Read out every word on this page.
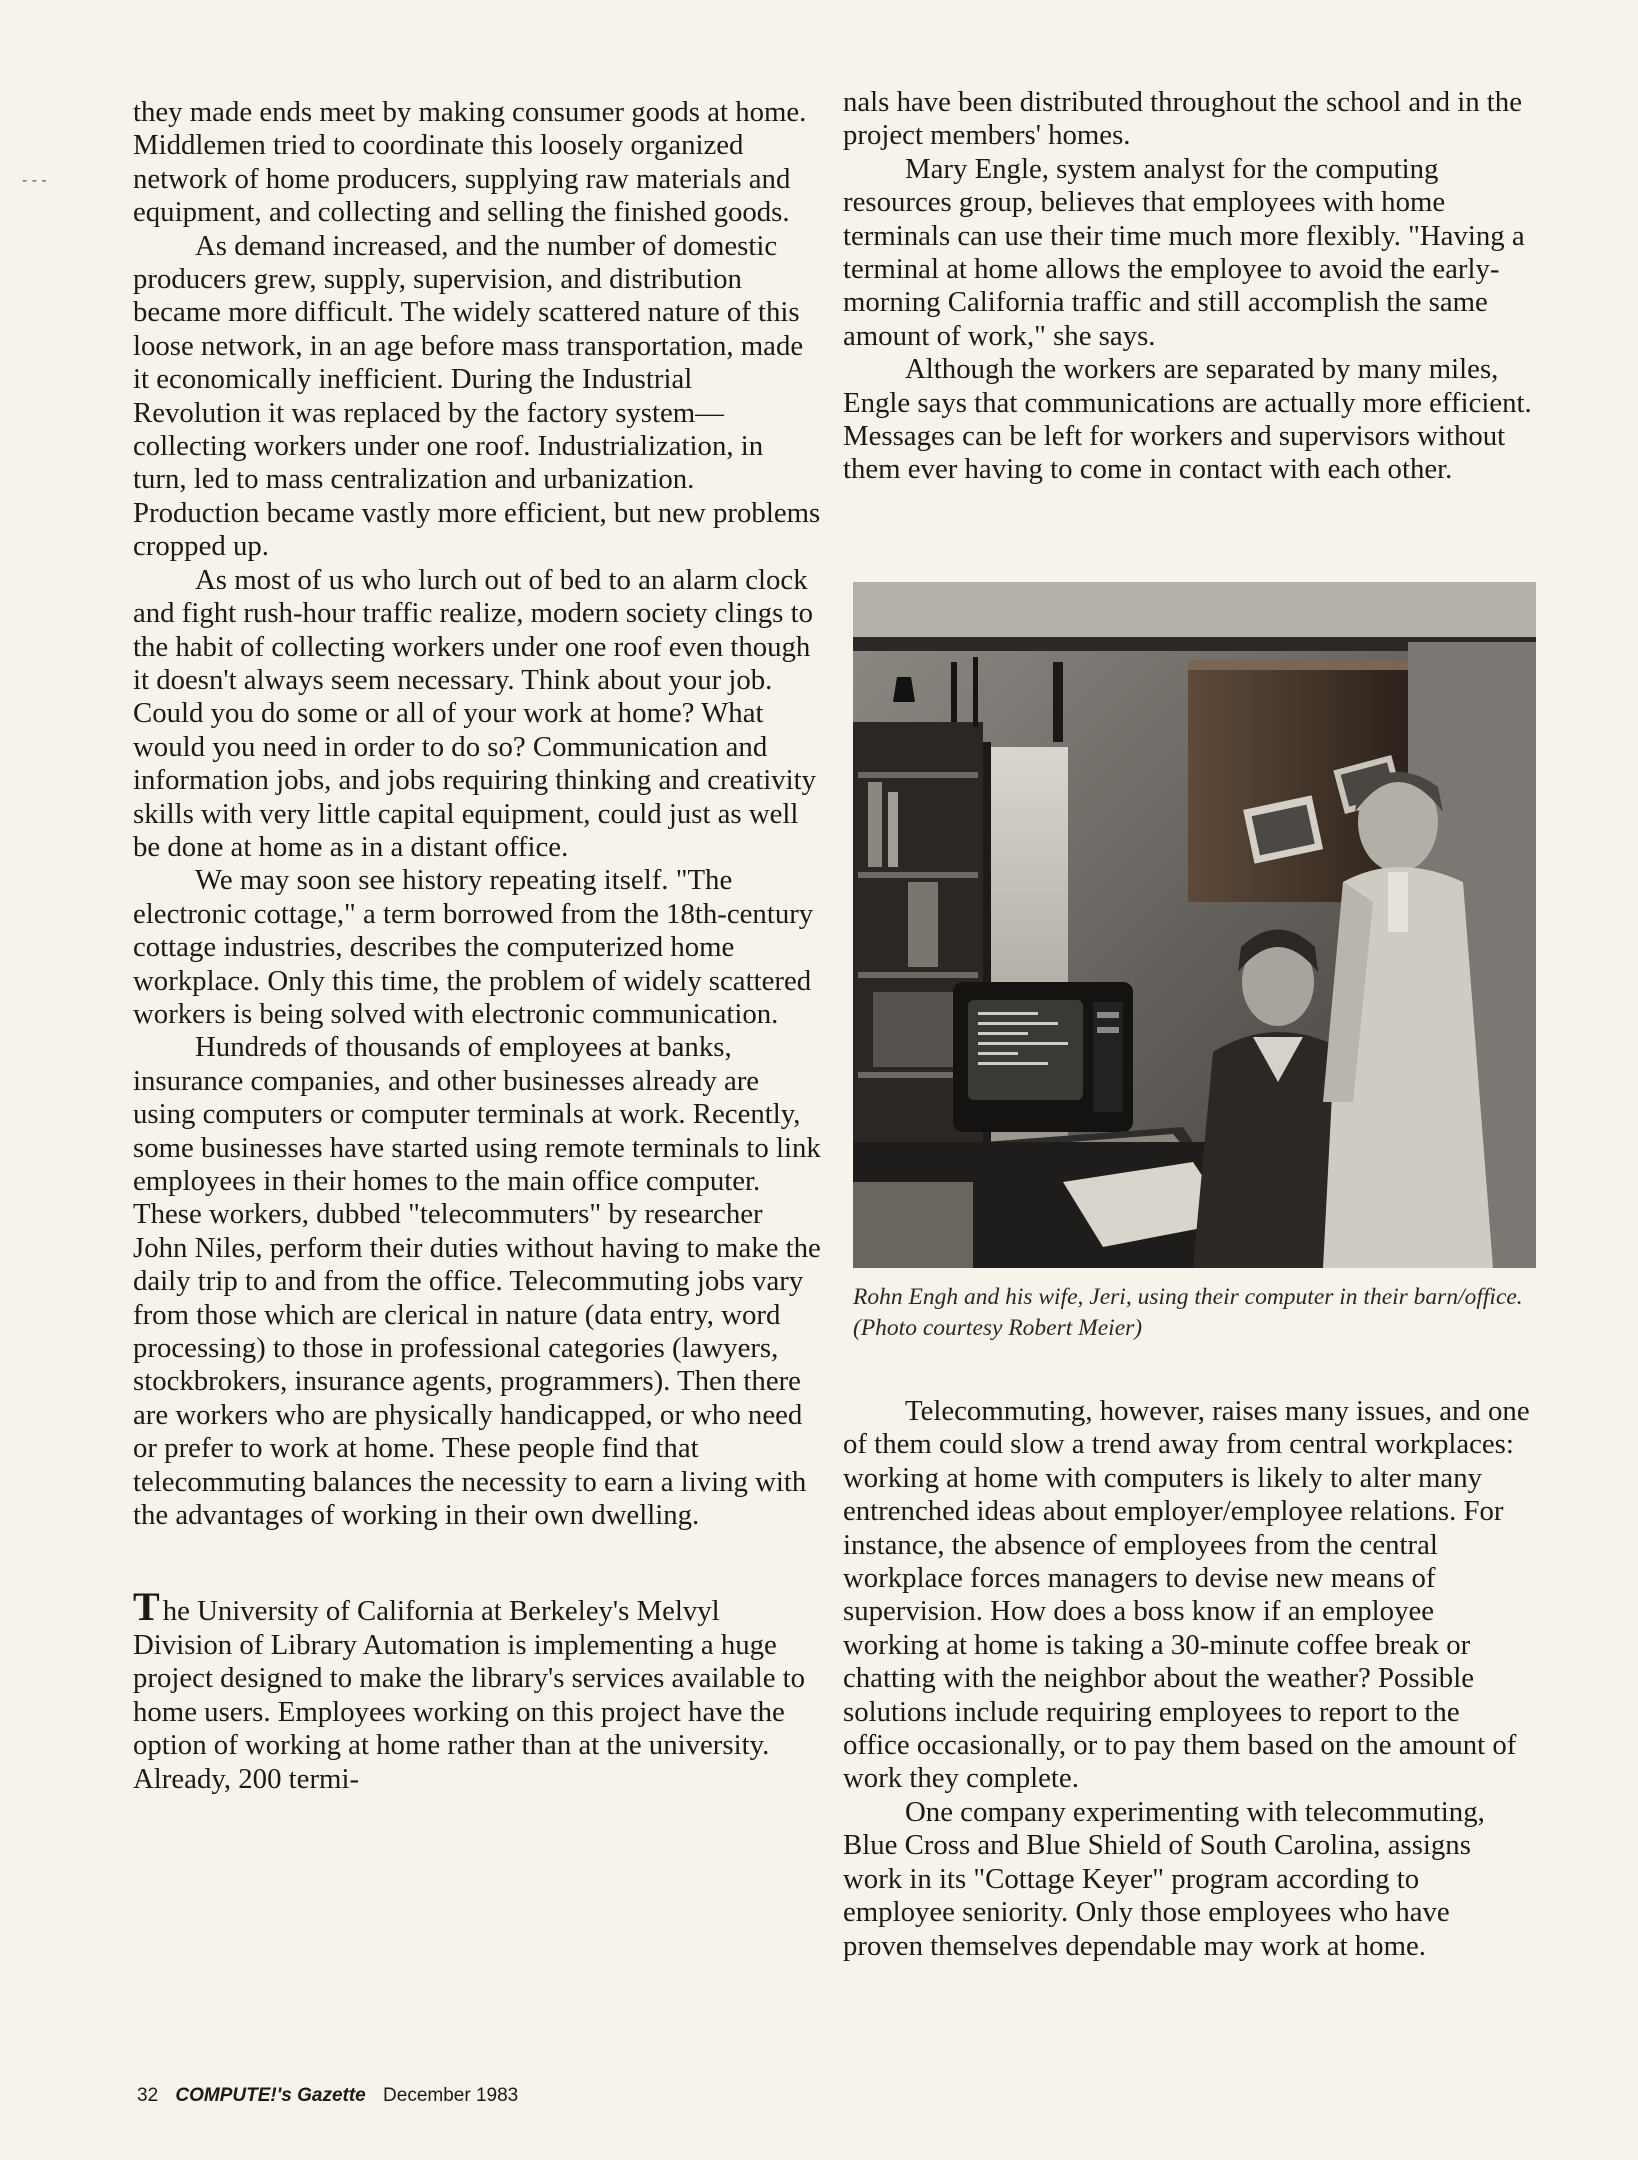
- - -

they made ends meet by making consumer goods at home. Middlemen tried to coordinate this loosely organized network of home producers, supplying raw materials and equipment, and collecting and selling the finished goods.

As demand increased, and the number of domestic producers grew, supply, supervision, and distribution became more difficult. The widely scattered nature of this loose network, in an age before mass transportation, made it economically inefficient. During the Industrial Revolution it was replaced by the factory system—collecting workers under one roof. Industrialization, in turn, led to mass centralization and urbanization. Production became vastly more efficient, but new problems cropped up.

As most of us who lurch out of bed to an alarm clock and fight rush-hour traffic realize, modern society clings to the habit of collecting workers under one roof even though it doesn't always seem necessary. Think about your job. Could you do some or all of your work at home? What would you need in order to do so? Communication and information jobs, and jobs requiring thinking and creativity skills with very little capital equipment, could just as well be done at home as in a distant office.

We may soon see history repeating itself. "The electronic cottage," a term borrowed from the 18th-century cottage industries, describes the computerized home workplace. Only this time, the problem of widely scattered workers is being solved with electronic communication.

Hundreds of thousands of employees at banks, insurance companies, and other businesses already are using computers or computer terminals at work. Recently, some businesses have started using remote terminals to link employees in their homes to the main office computer. These workers, dubbed "telecommuters" by researcher John Niles, perform their duties without having to make the daily trip to and from the office. Telecommuting jobs vary from those which are clerical in nature (data entry, word processing) to those in professional categories (lawyers, stockbrokers, insurance agents, programmers). Then there are workers who are physically handicapped, or who need or prefer to work at home. These people find that telecommuting balances the necessity to earn a living with the advantages of working in their own dwelling.

T he University of California at Berkeley's Melvyl Division of Library Automation is implementing a huge project designed to make the library's services available to home users. Employees working on this project have the option of working at home rather than at the university. Already, 200 termi-

nals have been distributed throughout the school and in the project members' homes.

Mary Engle, system analyst for the computing resources group, believes that employees with home terminals can use their time much more flexibly. "Having a terminal at home allows the employee to avoid the early-morning California traffic and still accomplish the same amount of work," she says.

Although the workers are separated by many miles, Engle says that communications are actually more efficient. Messages can be left for workers and supervisors without them ever having to come in contact with each other.

Rohn Engh and his wife, Jeri, using their computer in their barn/office. (Photo courtesy Robert Meier)

Telecommuting, however, raises many issues, and one of them could slow a trend away from central workplaces: working at home with computers is likely to alter many entrenched ideas about employer/employee relations. For instance, the absence of employees from the central workplace forces managers to devise new means of supervision. How does a boss know if an employee working at home is taking a 30-minute coffee break or chatting with the neighbor about the weather? Possible solutions include requiring employees to report to the office occasionally, or to pay them based on the amount of work they complete.

One company experimenting with telecommuting, Blue Cross and Blue Shield of South Carolina, assigns work in its "Cottage Keyer" program according to employee seniority. Only those employees who have proven themselves dependable may work at home.

32 COMPUTE!'s Gazette December 1983
